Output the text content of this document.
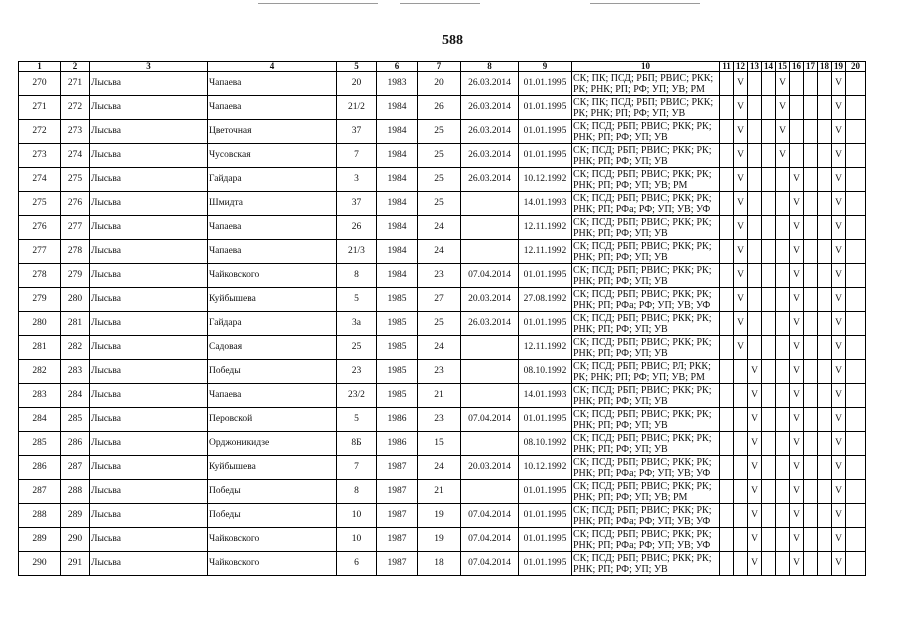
588
1	2	3	4	5	6	7	8	9	10	11	12	13	14	15	16	17	18	19	20
270	271	Лысьва	Чапаева	20	1983	20	26.03.2014	01.01.1995	СК; ПК; ПСД; РБП; РВИС; РКК; РК; РНК; РП; РФ; УП; УВ; РМ		V			V				V	
271	272	Лысьва	Чапаева	21/2	1984	26	26.03.2014	01.01.1995	СК; ПК; ПСД; РБП; РВИС; РКК; РК; РНК; РП; РФ; УП; УВ		V			V				V	
272	273	Лысьва	Цветочная	37	1984	25	26.03.2014	01.01.1995	СК; ПСД; РБП; РВИС; РКК; РК; РНК; РП; РФ; УП; УВ		V			V				V	
273	274	Лысьва	Чусовская	7	1984	25	26.03.2014	01.01.1995	СК; ПСД; РБП; РВИС; РКК; РК; РНК; РП; РФ; УП; УВ		V			V				V	
274	275	Лысьва	Гайдара	3	1984	25	26.03.2014	10.12.1992	СК; ПСД; РБП; РВИС; РКК; РК; РНК; РП; РФ; УП; УВ; РМ		V				V			V	
275	276	Лысьва	Шмидта	37	1984	25		14.01.1993	СК; ПСД; РБП; РВИС; РКК; РК; РНК; РП; РФа; РФ; УП; УВ; УФ		V				V			V	
276	277	Лысьва	Чапаева	26	1984	24		12.11.1992	СК; ПСД; РБП; РВИС; РКК; РК; РНК; РП; РФ; УП; УВ		V				V			V	
277	278	Лысьва	Чапаева	21/3	1984	24		12.11.1992	СК; ПСД; РБП; РВИС; РКК; РК; РНК; РП; РФ; УП; УВ		V				V			V	
278	279	Лысьва	Чайковского	8	1984	23	07.04.2014	01.01.1995	СК; ПСД; РБП; РВИС; РКК; РК; РНК; РП; РФ; УП; УВ		V				V			V	
279	280	Лысьва	Куйбышева	5	1985	27	20.03.2014	27.08.1992	СК; ПСД; РБП; РВИС; РКК; РК; РНК; РП; РФа; РФ; УП; УВ; УФ		V				V			V	
280	281	Лысьва	Гайдара	3а	1985	25	26.03.2014	01.01.1995	СК; ПСД; РБП; РВИС; РКК; РК; РНК; РП; РФ; УП; УВ		V				V			V	
281	282	Лысьва	Садовая	25	1985	24		12.11.1992	СК; ПСД; РБП; РВИС; РКК; РК; РНК; РП; РФ; УП; УВ		V				V			V	
282	283	Лысьва	Победы	23	1985	23		08.10.1992	СК; ПСД; РБП; РВИС; РЛ; РКК; РК; РНК; РП; РФ; УП; УВ; РМ			V			V			V	
283	284	Лысьва	Чапаева	23/2	1985	21		14.01.1993	СК; ПСД; РБП; РВИС; РКК; РК; РНК; РП; РФ; УП; УВ			V			V			V	
284	285	Лысьва	Перовской	5	1986	23	07.04.2014	01.01.1995	СК; ПСД; РБП; РВИС; РКК; РК; РНК; РП; РФ; УП; УВ			V			V			V	
285	286	Лысьва	Орджоникидзе	8Б	1986	15		08.10.1992	СК; ПСД; РБП; РВИС; РКК; РК; РНК; РП; РФ; УП; УВ			V			V			V	
286	287	Лысьва	Куйбышева	7	1987	24	20.03.2014	10.12.1992	СК; ПСД; РБП; РВИС; РКК; РК; РНК; РП; РФа; РФ; УП; УВ; УФ			V			V			V	
287	288	Лысьва	Победы	8	1987	21		01.01.1995	СК; ПСД; РБП; РВИС; РКК; РК; РНК; РП; РФ; УП; УВ; РМ			V			V			V	
288	289	Лысьва	Победы	10	1987	19	07.04.2014	01.01.1995	СК; ПСД; РБП; РВИС; РКК; РК; РНК; РП; РФа; РФ; УП; УВ; УФ			V			V			V	
289	290	Лысьва	Чайковского	10	1987	19	07.04.2014	01.01.1995	СК; ПСД; РБП; РВИС; РКК; РК; РНК; РП; РФа; РФ; УП; УВ; УФ			V			V			V	
290	291	Лысьва	Чайковского	6	1987	18	07.04.2014	01.01.1995	СК; ПСД; РБП; РВИС; РКК; РК; РНК; РП; РФ; УП; УВ			V			V			V	
